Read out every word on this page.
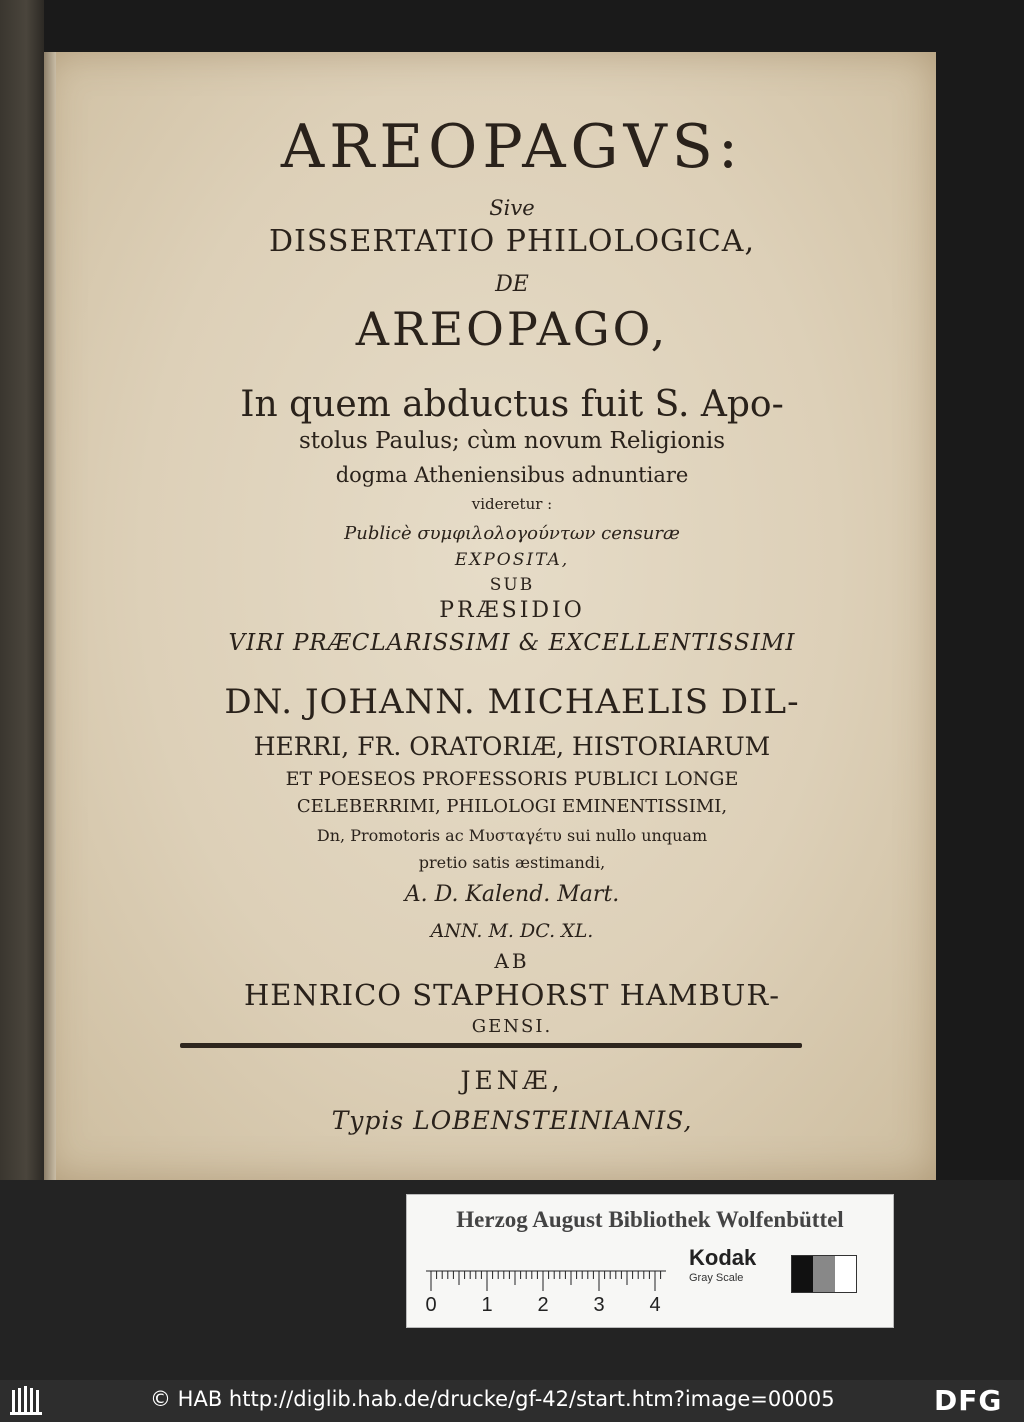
AREOPAGVS:
Sive
DISSERTATIO PHILOLOGICA,
DE
AREOPAGO,
In quem abductus fuit S. Apo-
stolus Paulus; cùm novum Religionis
dogma Atheniensibus adnuntiare
videretur :
Publicè συμφιλολογούντων censuræ
EXPOSITA,
SUB
PRÆSIDIO
VIRI PRÆCLARISSIMI & EXCELLENTISSIMI
DN. JOHANN. MICHAELIS DIL-
HERRI, FR. ORATORIÆ, HISTORIARUM
ET POESEOS PROFESSORIS PUBLICI LONGE
CELEBERRIMI, PHILOLOGI EMINENTISSIMI,
Dn, Promotoris ac Μυσταγέτυ sui nullo unquam
pretio satis æstimandi,
A. D. Kalend. Mart.
ANN. M. DC. XL.
AB
HENRICO STAPHORST HAMBUR-
GENSI.
JENÆ,
Typis LOBENSTEINIANIS,
Herzog August Bibliothek Wolfenbüttel
0 1 2 3 4
Kodak
Gray Scale
© HAB http://diglib.hab.de/drucke/gf-42/start.htm?image=00005	DFG
